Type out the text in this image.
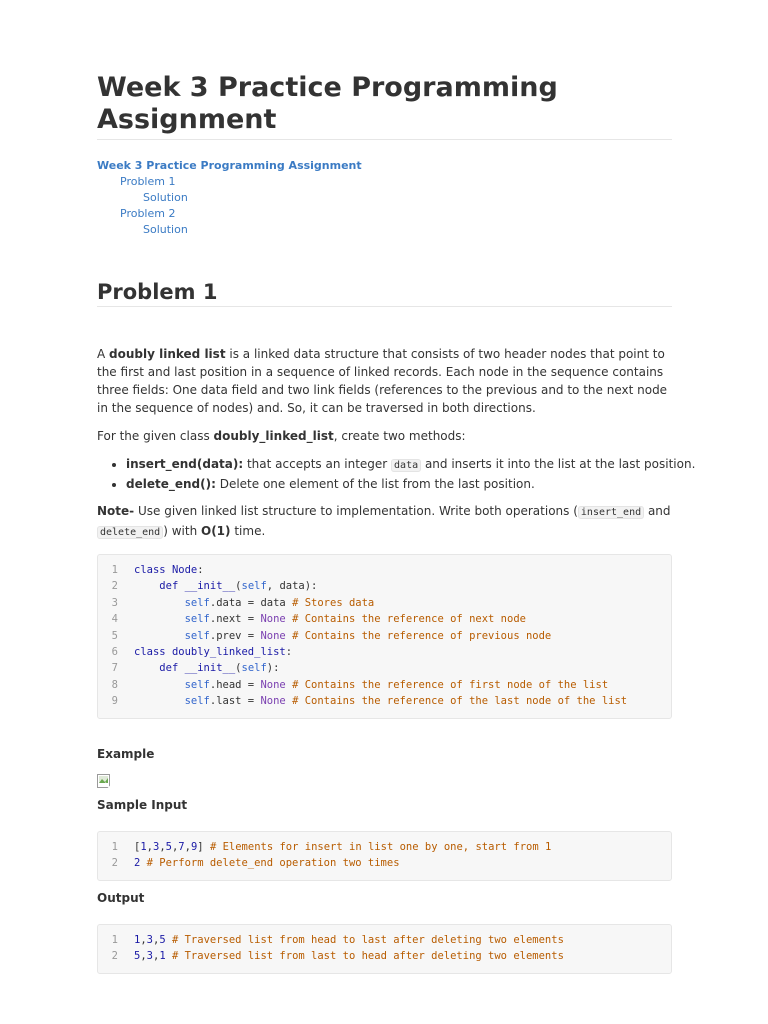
Week 3 Practice Programming Assignment
Week 3 Practice Programming Assignment
Problem 1
Solution
Problem 2
Solution
Problem 1

A doubly linked list is a linked data structure that consists of two header nodes that point to the first and last position in a sequence of linked records. Each node in the sequence contains three fields: One data field and two link fields (references to the previous and to the next node in the sequence of nodes) and. So, it can be traversed in both directions.

For the given class doubly_linked_list, create two methods:

• insert_end(data): that accepts an integer data and inserts it into the list at the last position.
• delete_end(): Delete one element of the list from the last position.

Note- Use given linked list structure to implementation. Write both operations ( insert_end and delete_end ) with O(1) time.

1	class Node:
2	def __init__(self, data):
3	self.data = data # Stores data
4	self.next = None # Contains the reference of next node
5	self.prev = None # Contains the reference of previous node
6	class doubly_linked_list:
7	def __init__(self):
8	self.head = None # Contains the reference of first node of the list
9	self.last = None # Contains the reference of the last node of the list

Example

Sample Input

1	[1,3,5,7,9] # Elements for insert in list one by one, start from 1
2	2 # Perform delete_end operation two times

Output

1	1,3,5 # Traversed list from head to last after deleting two elements
2	5,3,1 # Traversed list from last to head after deleting two elements
